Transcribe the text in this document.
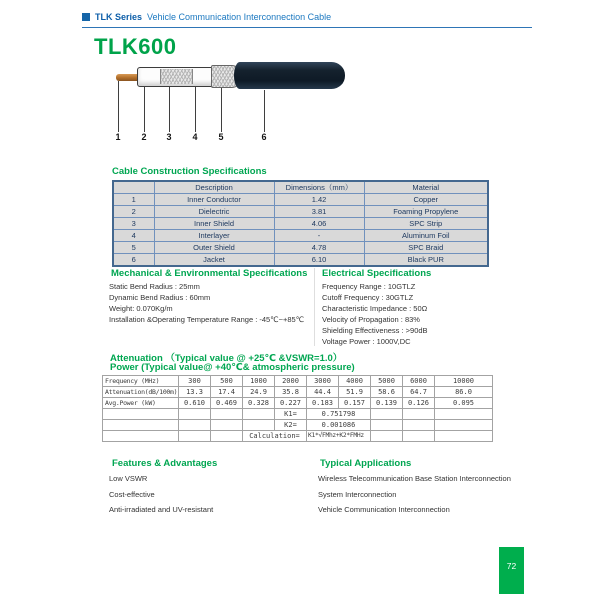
TLK Series Vehicle Communication Interconnection Cable
TLK600
1 2 3 4 5	6
Cable Construction Specifications
	Description	Dimensions（mm）	Material
1	Inner Conductor	1.42	Copper
2	Dielectric	3.81	Foaming Propylene
3	Inner Shield	4.06	SPC Strip
4	Interlayer	-	Aluminum Foil
5	Outer Shield	4.78	SPC Braid
6	Jacket	6.10	Black PUR
Mechanical & Environmental Specifications
Static Bend Radius : 25mm
Dynamic Bend Radius : 60mm
Weight: 0.070Kg/m
Installation &Operating Temperature Range : -45℃~+85℃
Electrical Specifications
Frequency Range : 10GTLZ
Cutoff Frequency : 30GTLZ
Characteristic Impedance : 50Ω
Velocity of Propagation : 83%
Shielding Effectiveness : >90dB
Voltage Power : 1000V,DC
Attenuation （Typical value @ +25℃ &VSWR=1.0）
Power (Typical value@ +40℃& atmospheric pressure)
Frequency (MHz)	300	500	1000	2000	3000	4000	5000	6000	10000
Attenuation(dB/100m)	13.3	17.4	24.9	35.8	44.4	51.9	58.6	64.7	86.0
Avg.Power (kW)	0.610	0.469	0.328	0.227	0.183	0.157	0.139	0.126	0.095
				K1=	0.751798				
				K2=	0.001086				
			Calculation=		K1*√FMhz+K2*FMHz				
Features & Advantages
Low VSWR
Cost-effective
Anti-irradiated and UV-resistant
Typical Applications
Wireless Telecommunication Base Station Interconnection
System Interconnection
Vehicle Communication Interconnection
72
